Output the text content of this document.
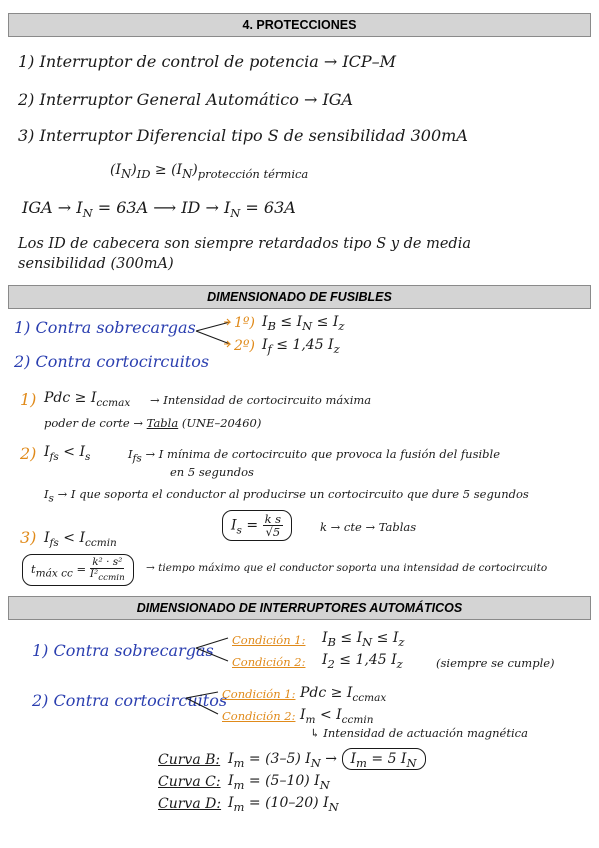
4. PROTECCIONES
1) Interruptor de control de potencia → ICP–M
2) Interruptor General Automático → IGA
3) Interruptor Diferencial tipo S de sensibilidad 300mA
$(I_N)_{ID} \ge (I_N)_{protección térmica}$
IGA → $I_N = 63A$ ⟶ ID → $I_N = 63A$
Los ID de cabecera son siempre retardados tipo S y de media
sensibilidad (300mA)
DIMENSIONADO DE FUSIBLES
1) Contra sobrecargas	1º) $I_B \le I_N \le I_z$
2º) $I_f \le 1,45$ $I_z$
2) Contra cortocircuitos
1) Pdc ≥ $I_{ccmax}$ → Intensidad de cortocircuito máxima
poder de corte → Tabla (UNE–20460)
2) $I_{fs} < I_s$	$I_{fs} \to I$ mínima de cortocircuito que provoca la fusión del fusible
en 5 segundos
$I_s \to I$ que soporta el conductor al producirse un cortocircuito que dure 5 segundos
$I_s = \frac{\text{k s}}{√5}$	k → cte → Tablas
3) $I_{fs} < I_{ccmin}$
$t_{máx cc} = \frac{\text{k² · s²}}{I^2_{ccmin}}$ → tiempo máximo que el conductor soporta una intensidad de cortocircuito
DIMENSIONADO DE INTERRUPTORES AUTOMÁTICOS
1) Contra sobrecargas
Condición 1: $I_B \le I_N \le I_z$
Condición 2: $I_2 \le 1,45$ $I_z$	(siempre se cumple)
2) Contra cortocircuitos
Condición 1: Pdc ≥ $I_{ccmax}$
Condición 2: $I_m < I_{ccmin}$
↳ Intensidad de actuación magnética
Curva B: $I_m = (3-5) I_N \to I_m = 5$ $I_N$
Curva C: $I_m = (5-10)$ $I_N$
Curva D: $I_m = (10-20)$ $I_N$
